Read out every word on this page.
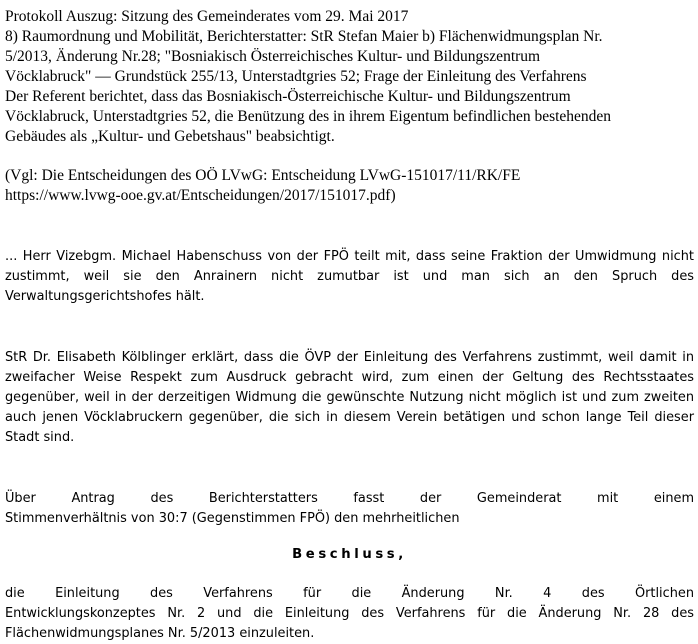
Protokoll Auszug: Sitzung des Gemeinderates vom 29. Mai 2017
8) Raumordnung und Mobilität, Berichterstatter: StR Stefan Maier b) Flächenwidmungsplan Nr.
5/2013, Änderung Nr.28; "Bosniakisch Österreichisches Kultur- und Bildungszentrum
Vöcklabruck" — Grundstück 255/13, Unterstadtgries 52; Frage der Einleitung des Verfahrens
Der Referent berichtet, dass das Bosniakisch-Österreichische Kultur- und Bildungszentrum
Vöcklabruck, Unterstadtgries 52, die Benützung des in ihrem Eigentum befindlichen bestehenden
Gebäudes als „Kultur- und Gebetshaus" beabsichtigt.
(Vgl: Die Entscheidungen des OÖ LVwG: Entscheidung LVwG-151017/11/RK/FE
https://www.lvwg-ooe.gv.at/Entscheidungen/2017/151017.pdf)

... Herr Vizebgm. Michael Habenschuss von der FPÖ teilt mit, dass seine Fraktion der Umwidmung nicht zustimmt, weil sie den Anrainern nicht zumutbar ist und man sich an den Spruch des Verwaltungsgerichtshofes hält.

StR Dr. Elisabeth Kölblinger erklärt, dass die ÖVP der Einleitung des Verfahrens zustimmt, weil damit in zweifacher Weise Respekt zum Ausdruck gebracht wird, zum einen der Geltung des Rechtsstaates gegenüber, weil in der derzeitigen Widmung die gewünschte Nutzung nicht möglich ist und zum zweiten auch jenen Vöcklabruckern gegenüber, die sich in diesem Verein betätigen und schon lange Teil dieser Stadt sind.

Über Antrag des Berichterstatters fasst der Gemeinderat mit einem
Stimmenverhältnis von 30:7 (Gegenstimmen FPÖ) den mehrheitlichen
Beschluss,
die Einleitung des Verfahrens für die Änderung Nr. 4 des Örtlichen
Entwicklungskonzeptes Nr. 2 und die Einleitung des Verfahrens für die Änderung Nr. 28 des
Flächenwidmungsplanes Nr. 5/2013 einzuleiten.
